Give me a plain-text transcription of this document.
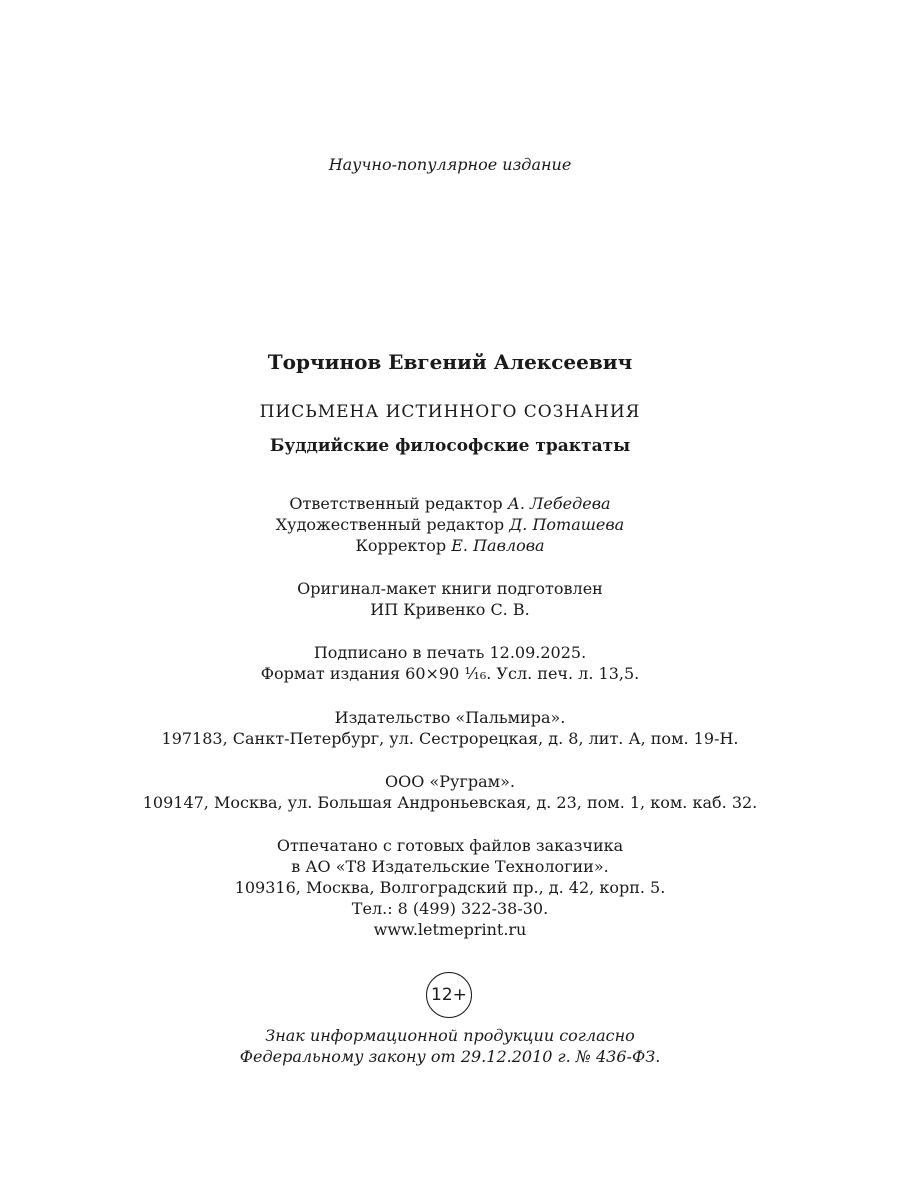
Научно-популярное издание
Торчинов Евгений Алексеевич
ПИСЬМЕНА ИСТИННОГО СОЗНАНИЯ
Буддийские философские трактаты
Ответственный редактор А. Лебедева
Художественный редактор Д. Поташева
Корректор Е. Павлова
Оригинал-макет книги подготовлен
ИП Кривенко С. В.
Подписано в печать 12.09.2025.
Формат издания 60×90 ¹⁄₁₆. Усл. печ. л. 13,5.
Издательство «Пальмира».
197183, Санкт-Петербург, ул. Сестрорецкая, д. 8, лит. А, пом. 19-Н.
ООО «Руграм».
109147, Москва, ул. Большая Андроньевская, д. 23, пом. 1, ком. каб. 32.
Отпечатано с готовых файлов заказчика
в АО «Т8 Издательские Технологии».
109316, Москва, Волгоградский пр., д. 42, корп. 5.
Тел.: 8 (499) 322-38-30.
www.letmeprint.ru
12+
Знак информационной продукции согласно
Федеральному закону от 29.12.2010 г. № 436-ФЗ.
